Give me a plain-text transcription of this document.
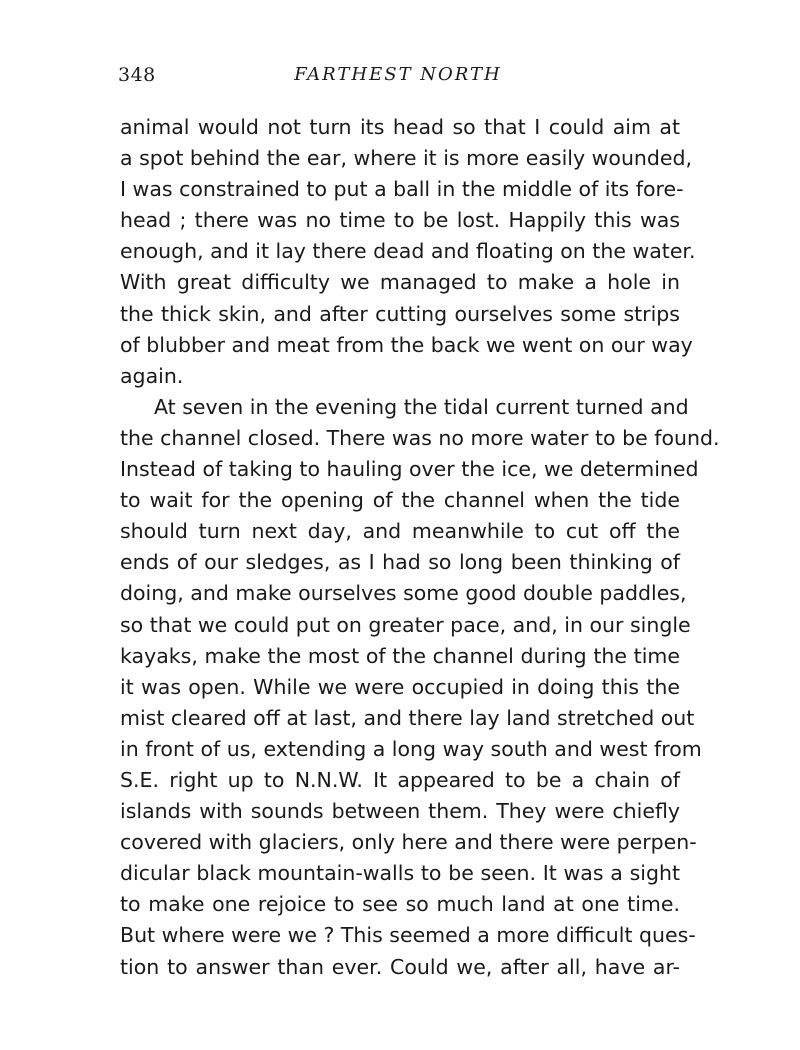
348	FARTHEST NORTH
animal would not turn its head so that I could aim at
a spot behind the ear, where it is more easily wounded,
I was constrained to put a ball in the middle of its fore-
head ; there was no time to be lost. Happily this was
enough, and it lay there dead and floating on the water.
With great difficulty we managed to make a hole in
the thick skin, and after cutting ourselves some strips
of blubber and meat from the back we went on our way
again.
At seven in the evening the tidal current turned and
the channel closed. There was no more water to be found.
Instead of taking to hauling over the ice, we determined
to wait for the opening of the channel when the tide
should turn next day, and meanwhile to cut off the
ends of our sledges, as I had so long been thinking of
doing, and make ourselves some good double paddles,
so that we could put on greater pace, and, in our single
kayaks, make the most of the channel during the time
it was open. While we were occupied in doing this the
mist cleared off at last, and there lay land stretched out
in front of us, extending a long way south and west from
S.E. right up to N.N.W. It appeared to be a chain of
islands with sounds between them. They were chiefly
covered with glaciers, only here and there were perpen-
dicular black mountain-walls to be seen. It was a sight
to make one rejoice to see so much land at one time.
But where were we ? This seemed a more difficult ques-
tion to answer than ever. Could we, after all, have ar-
